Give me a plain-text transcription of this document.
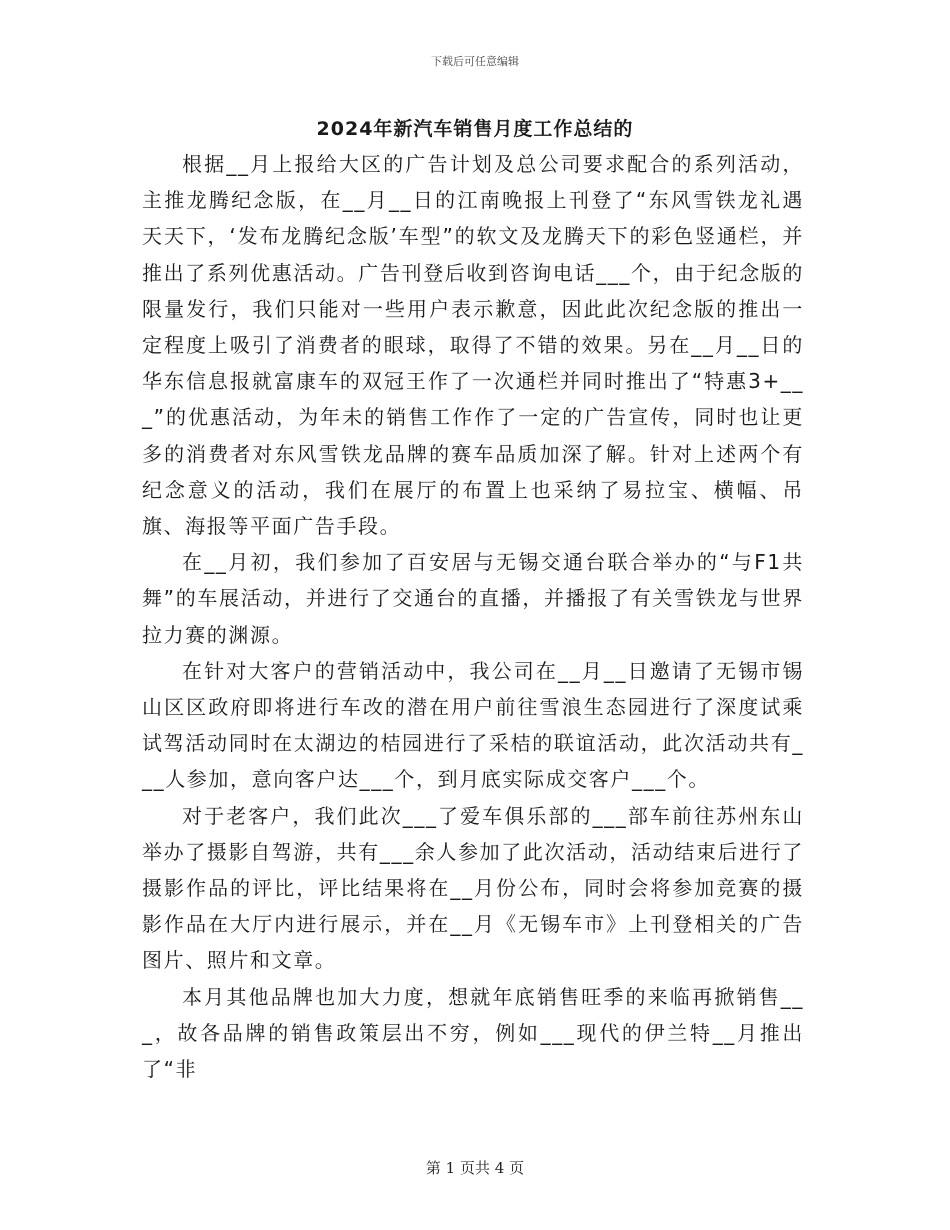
下载后可任意编辑
2024年新汽车销售月度工作总结的

根据__月上报给大区的广告计划及总公司要求配合的系列活动，主推龙腾纪念版，在__月__日的江南晚报上刊登了“东风雪铁龙礼遇天天下，‘发布龙腾纪念版’车型”的软文及龙腾天下的彩色竖通栏，并推出了系列优惠活动。广告刊登后收到咨询电话___个，由于纪念版的限量发行，我们只能对一些用户表示歉意，因此此次纪念版的推出一定程度上吸引了消费者的眼球，取得了不错的效果。另在__月__日的华东信息报就富康车的双冠王作了一次通栏并同时推出了“特惠3+___”的优惠活动，为年未的销售工作作了一定的广告宣传，同时也让更多的消费者对东风雪铁龙品牌的赛车品质加深了解。针对上述两个有纪念意义的活动，我们在展厅的布置上也采纳了易拉宝、横幅、吊旗、海报等平面广告手段。

在__月初，我们参加了百安居与无锡交通台联合举办的“与F1共舞”的车展活动，并进行了交通台的直播，并播报了有关雪铁龙与世界拉力赛的渊源。

在针对大客户的营销活动中，我公司在__月__日邀请了无锡市锡山区区政府即将进行车改的潜在用户前往雪浪生态园进行了深度试乘试驾活动同时在太湖边的桔园进行了采桔的联谊活动，此次活动共有___人参加，意向客户达___个，到月底实际成交客户___个。

对于老客户，我们此次___了爱车俱乐部的___部车前往苏州东山举办了摄影自驾游，共有___余人参加了此次活动，活动结束后进行了摄影作品的评比，评比结果将在__月份公布，同时会将参加竞赛的摄影作品在大厅内进行展示，并在__月《无锡车市》上刊登相关的广告图片、照片和文章。

本月其他品牌也加大力度，想就年底销售旺季的来临再掀销售___，故各品牌的销售政策层出不穷，例如___现代的伊兰特__月推出了“非

第 1 页共 4 页
